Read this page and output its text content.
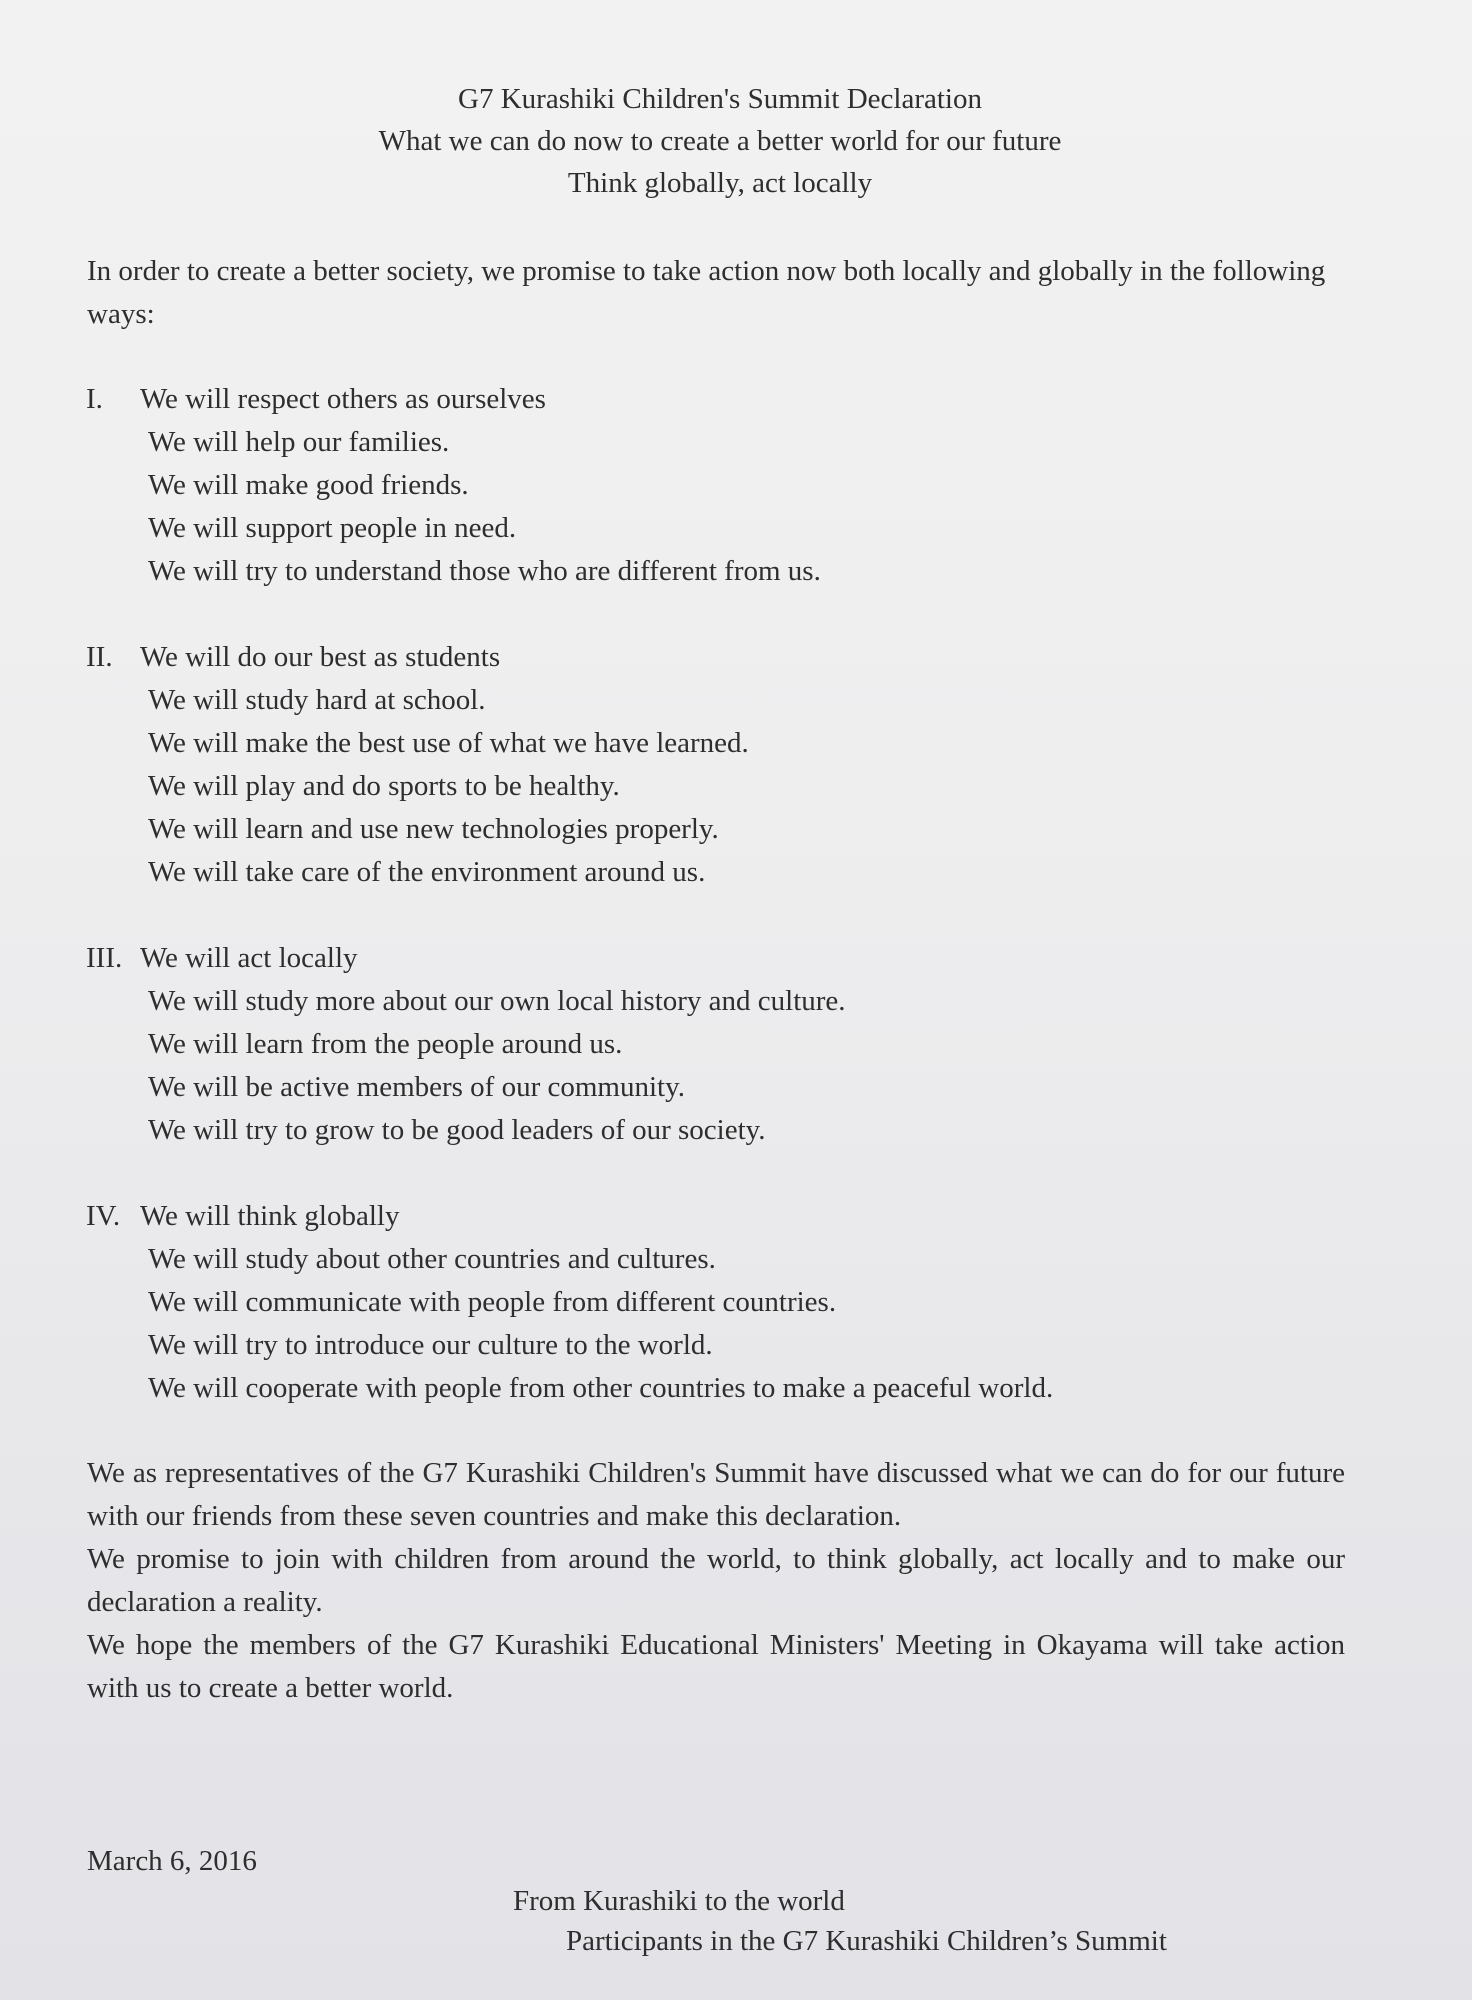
G7 Kurashiki Children's Summit Declaration
What we can do now to create a better world for our future
Think globally, act locally
In order to create a better society, we promise to take action now both locally and globally in the following ways:
I. We will respect others as ourselves
We will help our families.
We will make good friends.
We will support people in need.
We will try to understand those who are different from us.
II. We will do our best as students
We will study hard at school.
We will make the best use of what we have learned.
We will play and do sports to be healthy.
We will learn and use new technologies properly.
We will take care of the environment around us.
III. We will act locally
We will study more about our own local history and culture.
We will learn from the people around us.
We will be active members of our community.
We will try to grow to be good leaders of our society.
IV. We will think globally
We will study about other countries and cultures.
We will communicate with people from different countries.
We will try to introduce our culture to the world.
We will cooperate with people from other countries to make a peaceful world.

We as representatives of the G7 Kurashiki Children's Summit have discussed what we can do for our future with our friends from these seven countries and make this declaration.

We promise to join with children from around the world, to think globally, act locally and to make our declaration a reality.

We hope the members of the G7 Kurashiki Educational Ministers' Meeting in Okayama will take action with us to create a better world.

March 6, 2016
From Kurashiki to the world
Participants in the G7 Kurashiki Children’s Summit
